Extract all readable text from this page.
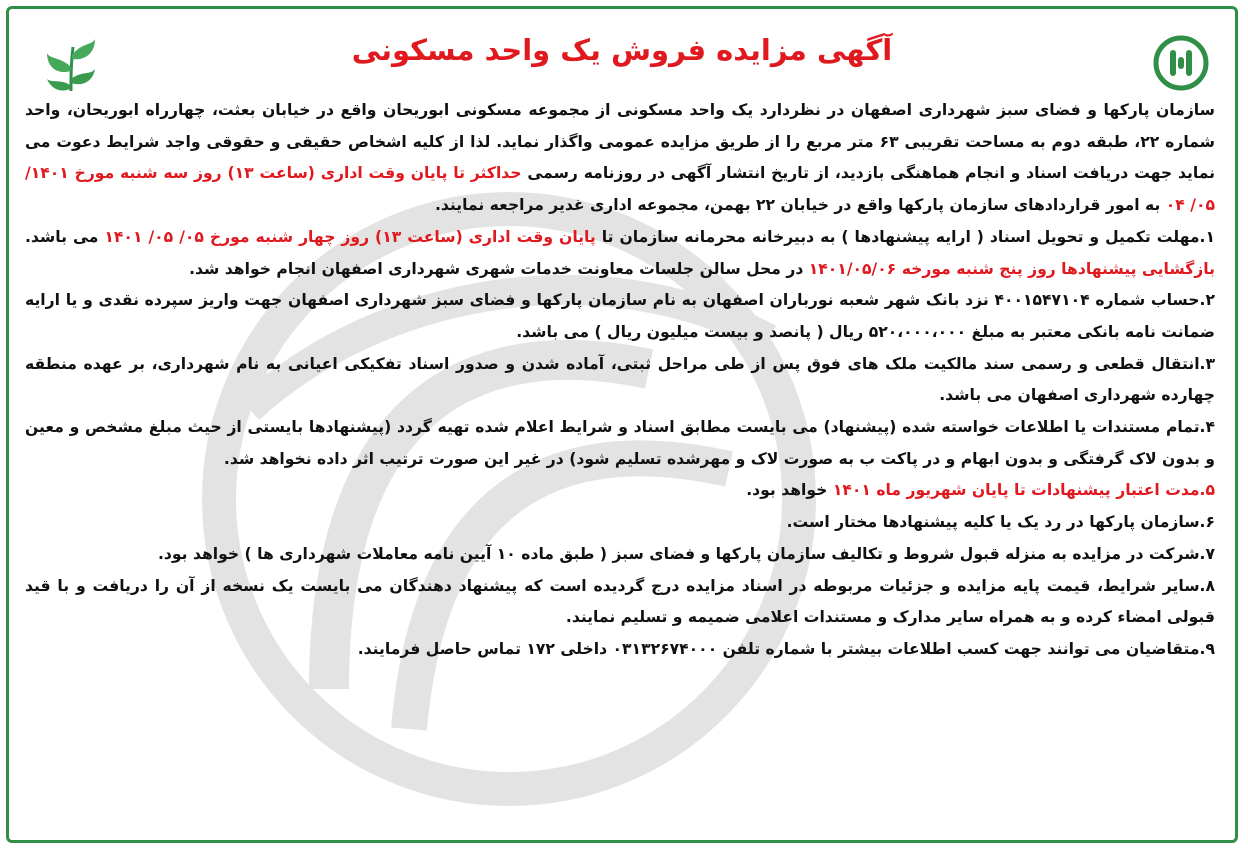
آگهی مزایده فروش یک واحد مسکونی

سازمان پارکها و فضای سبز شهرداری اصفهان در نظردارد یک واحد مسکونی از مجموعه مسکونی ابوریحان واقع در خیابان بعثت، چهارراه ابوریحان، واحد شماره ۲۲، طبقه دوم به مساحت تقریبی ۶۳ متر مربع را از طریق مزایده عمومی واگذار نماید. لذا از کلیه اشخاص حقیقی و حقوقی واجد شرایط دعوت می نماید جهت دریافت اسناد و انجام هماهنگی بازدید، از تاریخ انتشار آگهی در روزنامه رسمی حداکثر تا پایان وقت اداری (ساعت ۱۳) روز سه شنبه مورخ ۱۴۰۱/ ۰۵/ ۰۴ به امور قراردادهای سازمان پارکها واقع در خیابان ۲۲ بهمن، مجموعه اداری غدیر مراجعه نمایند.

۱.مهلت تکمیل و تحویل اسناد ( ارایه پیشنهادها ) به دبیرخانه محرمانه سازمان تا پایان وقت اداری (ساعت ۱۳) روز چهار شنبه مورخ ۰۵/ ۰۵/ ۱۴۰۱ می باشد. بازگشایی پیشنهادها روز پنج شنبه مورخه ۱۴۰۱/۰۵/۰۶ در محل سالن جلسات معاونت خدمات شهری شهرداری اصفهان انجام خواهد شد.

۲.حساب شماره ۴۰۰۱۵۴۷۱۰۴ نزد بانک شهر شعبه نورباران اصفهان به نام سازمان پارکها و فضای سبز شهرداری اصفهان جهت واریز سپرده نقدی و یا ارایه ضمانت نامه بانکی معتبر به مبلغ ۵۲۰،۰۰۰،۰۰۰ ریال ( پانصد و بیست میلیون ریال ) می باشد.

۳.انتقال قطعی و رسمی سند مالکیت ملک های فوق پس از طی مراحل ثبتی، آماده شدن و صدور اسناد تفکیکی اعیانی به نام شهرداری، بر عهده منطقه چهارده شهرداری اصفهان می باشد.

۴.تمام مستندات یا اطلاعات خواسته شده (پیشنهاد) می بایست مطابق اسناد و شرایط اعلام شده تهیه گردد (پیشنهادها بایستی از حیث مبلغ مشخص و معین و بدون لاک گرفتگی و بدون ابهام و در پاکت ب به صورت لاک و مهرشده تسلیم شود) در غیر این صورت ترتیب اثر داده نخواهد شد.

۵.مدت اعتبار پیشنهادات تا پایان شهریور ماه ۱۴۰۱ خواهد بود.

۶.سازمان پارکها در رد یک یا کلیه پیشنهادها مختار است.

۷.شرکت در مزایده به منزله قبول شروط و تکالیف سازمان پارکها و فضای سبز ( طبق ماده ۱۰ آیین نامه معاملات شهرداری ها ) خواهد بود.

۸.سایر شرایط، قیمت پایه مزایده و جزئیات مربوطه در اسناد مزایده درج گردیده است که پیشنهاد دهندگان می بایست یک نسخه از آن را دریافت و با قید قبولی امضاء کرده و به همراه سایر مدارک و مستندات اعلامی ضمیمه و تسلیم نمایند.

۹.متقاضیان می توانند جهت کسب اطلاعات بیشتر با شماره تلفن ۰۳۱۳۲۶۷۴۰۰۰ داخلی ۱۷۲ تماس حاصل فرمایند.
